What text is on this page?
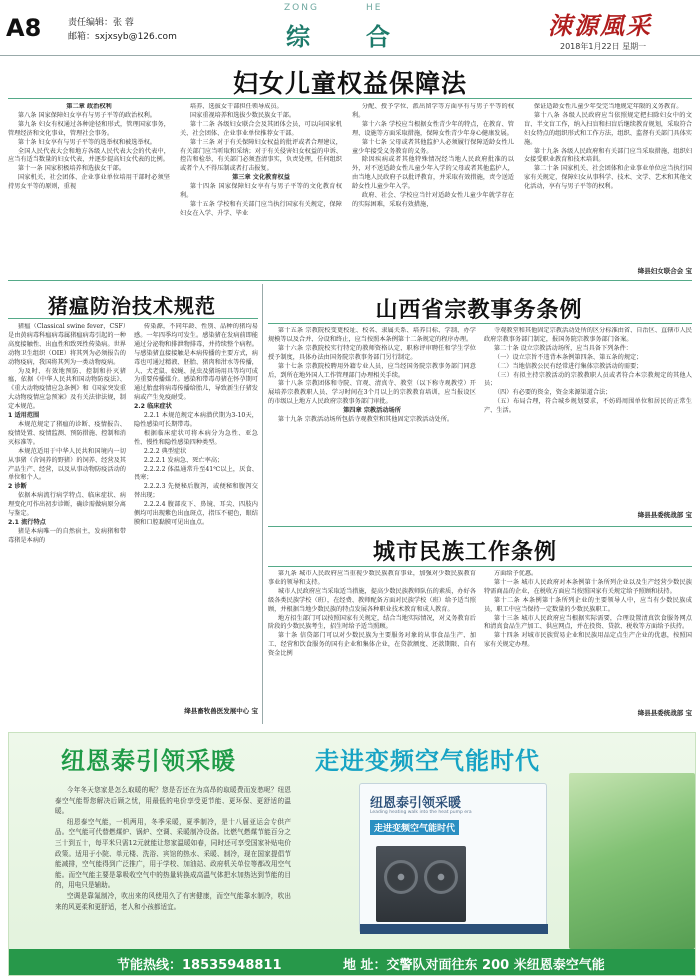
A8	责任编辑：张 蓉
邮箱：sxjxsyb@126.com
ZONG	HE
综 合	涑源風采
2018年1月22日 星期一
妇女儿童权益保障法

第二章 政治权利

第八条 国家保障妇女享有与男子平等的政治权利。

第九条 妇女有权通过各种途径和形式，管理国家事务，管理经济和文化事业，管理社会事务。

第十条 妇女享有与男子平等的选举权和被选举权。

全国人民代表大会和地方各级人民代表大会的代表中，应当有适当数量的妇女代表，并逐步提高妇女代表的比例。

第十一条 国家积极培养和选拔女干部。

国家机关、社会团体、企业事业单位培用干部时必须坚持男女平等的原则，重视

培养、选拔女干部担任领导成员。

国家重视培养和选拔少数民族女干部。

第十二条 各级妇女联合会及其团体会员，可以向国家机关、社会团体、企业事业单位推荐女干部。

第十三条 对于有关保障妇女权益的批评或者合理建议，有关部门应当听取和采纳；对于有关侵害妇女权益的申诉、控告和检举，有关部门必须查清事实，负责处理，任何组织或者个人不得压制或者打击报复。

第三章 文化教育权益

第十四条 国家保障妇女享有与男子平等的文化教育权利。

第十五条 学校和有关部门应当执行国家有关规定，保障妇女在入学、升学、毕业

分配、授予学位、派出留学等方面享有与男子平等的权利。

第十六条 学校应当根据女性青少年的特点，在教育、管理、设施等方面采取措施，保障女性青少年身心健康发展。

第十七条 父母或者其他监护人必须履行保障适龄女性儿童少年接受义务教育的义务。

除因疾病或者其他特殊情况经当地人民政府批准的以外，对不送适龄女性儿童少年入学的父母或者其他监护人，由当地人民政府予以批评教育，并采取有效措施，责令送适龄女性儿童少年入学。

政府、社会、学校应当针对适龄女性儿童少年就学存在的实际困难，采取有效措施，

保证适龄女性儿童少年受完当地规定年限的义务教育。

第十八条 各级人民政府应当依照规定把扫除妇女中的文盲、半文盲工作，纳入扫盲和扫盲后继续教育规划，采取符合妇女特点的组织形式和工作方法，组织、监督有关部门具体实施。

第十九条 各级人民政府和有关部门应当采取措施，组织妇女接受职业教育和技术培训。

第二十条 国家机关、社会团体和企业事业单位应当执行国家有关规定，保障妇女从事科学、技术、文学、艺术和其他文化活动，享有与男子平等的权利。

绛县妇女联合会 宝
猪瘟防治技术规范

猪瘟（Classical swine fever，CSF）是由黄病毒科瘟病毒属猪瘟病毒引起的一种高度接触性、出血性和致死性传染病。世界动物卫生组织（OIE）将其列为必须报告的动物疫病，我国将其列为一类动物疫病。

为及时、有效地预防、控制和扑灭猪瘟，依据《中华人民共和国动物防疫法》、《重大动物疫情应急条例》和《国家突发重大动物疫情应急预案》及有关法律法规，制定本规范。

1 适用范围

本规范规定了猪瘟的诊断、疫情报告、疫情处置、疫情监测、预防措施、控制和消灭标准等。

本规范适用于中华人民共和国境内一切从事猪（含饲养的野猪）的饲养、经营及其产品生产、经营，以及从事动物防疫活动的单位和个人。

2 诊断

依据本病流行病学特点、临床症状、病理变化可作出初步诊断，确诊需做病原分离与鉴定。

2.1 流行特点

猪是本病唯一的自然宿主，发病猪和带毒猪是本病的

传染源，不同年龄、性别、品种的猪均易感。一年四季均可发生。感染猪在发病前即能通过分泌物和排泄物排毒，并持续整个病程。与感染猪直接接触是本病传播的主要方式，病毒也可通过精液、胚胎、猪肉和泔水等传播，人、犬老鼠、蚊蝇、昆虫及猪场用具等均可成为重要传播媒介。感染和带毒母猪在怀孕期可通过胎盘将病毒传播给胎儿，导致新生仔猪发病或产生免疫耐受。

2.2 临床症状

2.2.1 本规范规定本病潜伏期为3-10天，隐性感染可长期带毒。

根据临床症状可将本病分为急性、亚急性、慢性和隐性感染四种类型。

2.2.2 典型症状

2.2.2.1 发病急、死亡率高；

2.2.2.2 体温通常升至41℃以上，厌食、畏寒；

2.2.2.3 先便秘后腹泻，或便秘和腹泻交替出现；

2.2.2.4 腹部皮下、鼻镜、耳尖、四肢内侧均可出现紫色出血斑点，指压不褪色，眼结膜和口腔黏膜可见出血点。

绛县畜牧兽医发展中心 宝
山西省宗教事务条例

第十五条 宗教院校变更校址、校名、隶属关系、培养目标、学制、办学规模等以及合并、分设和终止，应当按照本条例第十二条规定的程序办理。

第十六条 宗教院校实行特定的教师资格认定、职称评审聘任和学生学位授予制度，具体办法由国务院宗教事务部门另行制定。

第十七条 宗教院校聘用外籍专业人员，应当经国务院宗教事务部门同意后，到所在地外国人工作管理部门办理相关手续。

第十八条 宗教团体和寺院、宫观、清真寺、教堂（以下称寺观教堂）开展培养宗教教职人员、学习时间在3个月以上的宗教教育培训，应当报设区的市级以上地方人民政府宗教事务部门审批。

第四章 宗教活动场所

第十九条 宗教活动场所包括寺观教堂和其他固定宗教活动处所。

寺观教堂和其他固定宗教活动处所的区分标准由省、自治区、直辖市人民政府宗教事务部门制定，报国务院宗教事务部门备案。

第二十条 设立宗教活动场所，应当具备下列条件：

（一）设立宗旨不违背本条例第四条、第五条的规定；

（二）当地信教公民有经常进行集体宗教活动的需要；

（三）有拟主持宗教活动的宗教教职人员或者符合本宗教规定的其他人员；

（四）有必要的资金，资金来源渠道合法；

（五）布局合理，符合城乡规划要求，不妨碍周围单位和居民的正常生产、生活。

绛县县委统战部 宝
城市民族工作条例

第九条 城市人民政府应当重视少数民族教育事业，加强对少数民族教育事业的领导和支持。

城市人民政府应当采取适当措施，提高少数民族教师队伍的素质，办好各级各类民族学校（班），在经费、教师配备方面对民族学校（班）给予适当照顾，并根据当地少数民族的特点发展各种职业技术教育和成人教育。

地方招生部门可以按照国家有关规定，结合当地实际情况，对义务教育后阶段的少数民族考生，招生时给予适当照顾。

第十条 信贷部门可以对少数民族为主要服务对象的从事食品生产、加工、经营和饮食服务的国有企业和集体企业，在贷款额度、还款期限、自有资金比例

方面给予优惠。

第十一条 城市人民政府对本条例第十条所列企业以及生产经营少数民族特需商品的企业，在税收方面应当按照国家有关规定给予照顾和扶持。

第十二条 本条例第十条所列企业的主要领导人中，应当有少数民族成员，职工中应当保持一定数量的少数民族职工。

第十三条 城市人民政府应当根据实际需要，合理设置清真饮食服务网点和清真食品生产加工、供应网点，并在投资、贷款、税收等方面给予扶持。

第十四条 对城市民族贸易企业和民族用品定点生产企业的优惠，按照国家有关规定办理。

绛县县委统战部 宝
纽恩泰引领采暖	走进变频空气能时代

今年冬天您家是怎么取暖的呢？您是否还在为高昂的取暖费而发愁呢？纽恩泰空气能帮您解决后顾之忧，用最低的电价享受更节能、更环保、更舒适的温暖。

纽恩泰空气能，一机两用，冬季采暖，夏季制冷，是十八届亚运会专供产品。空气能可代替燃煤炉、锅炉、空调、采暖制冷设备。比燃气燃煤节能百分之三十到五十，每平米只需12元就能让您家温暖如春，同时还可享受国家补贴电价政策。适用于小院、单元楼、洗浴、宾馆的热水、采暖、制冷，现在国家提倡节能减排，空气能得到广泛推广，用于学校、加油站、政府机关单位等都改用空气能。而空气能主要是靠吸收空气中的热量转换成高温气体把水加热达到节能的目的，用电只是辅助。

空调是靠氟制冷，吹出来的风使用久了有害健康，而空气能靠水制冷，吹出来的风更柔和更舒适，老人和小孩都适宜。

纽恩泰引领采暖
Leading heating walk into the heat pump era
走进变频空气能时代
节能热线：18535948811	地 址：交警队对面往东 200 米纽恩泰空气能
